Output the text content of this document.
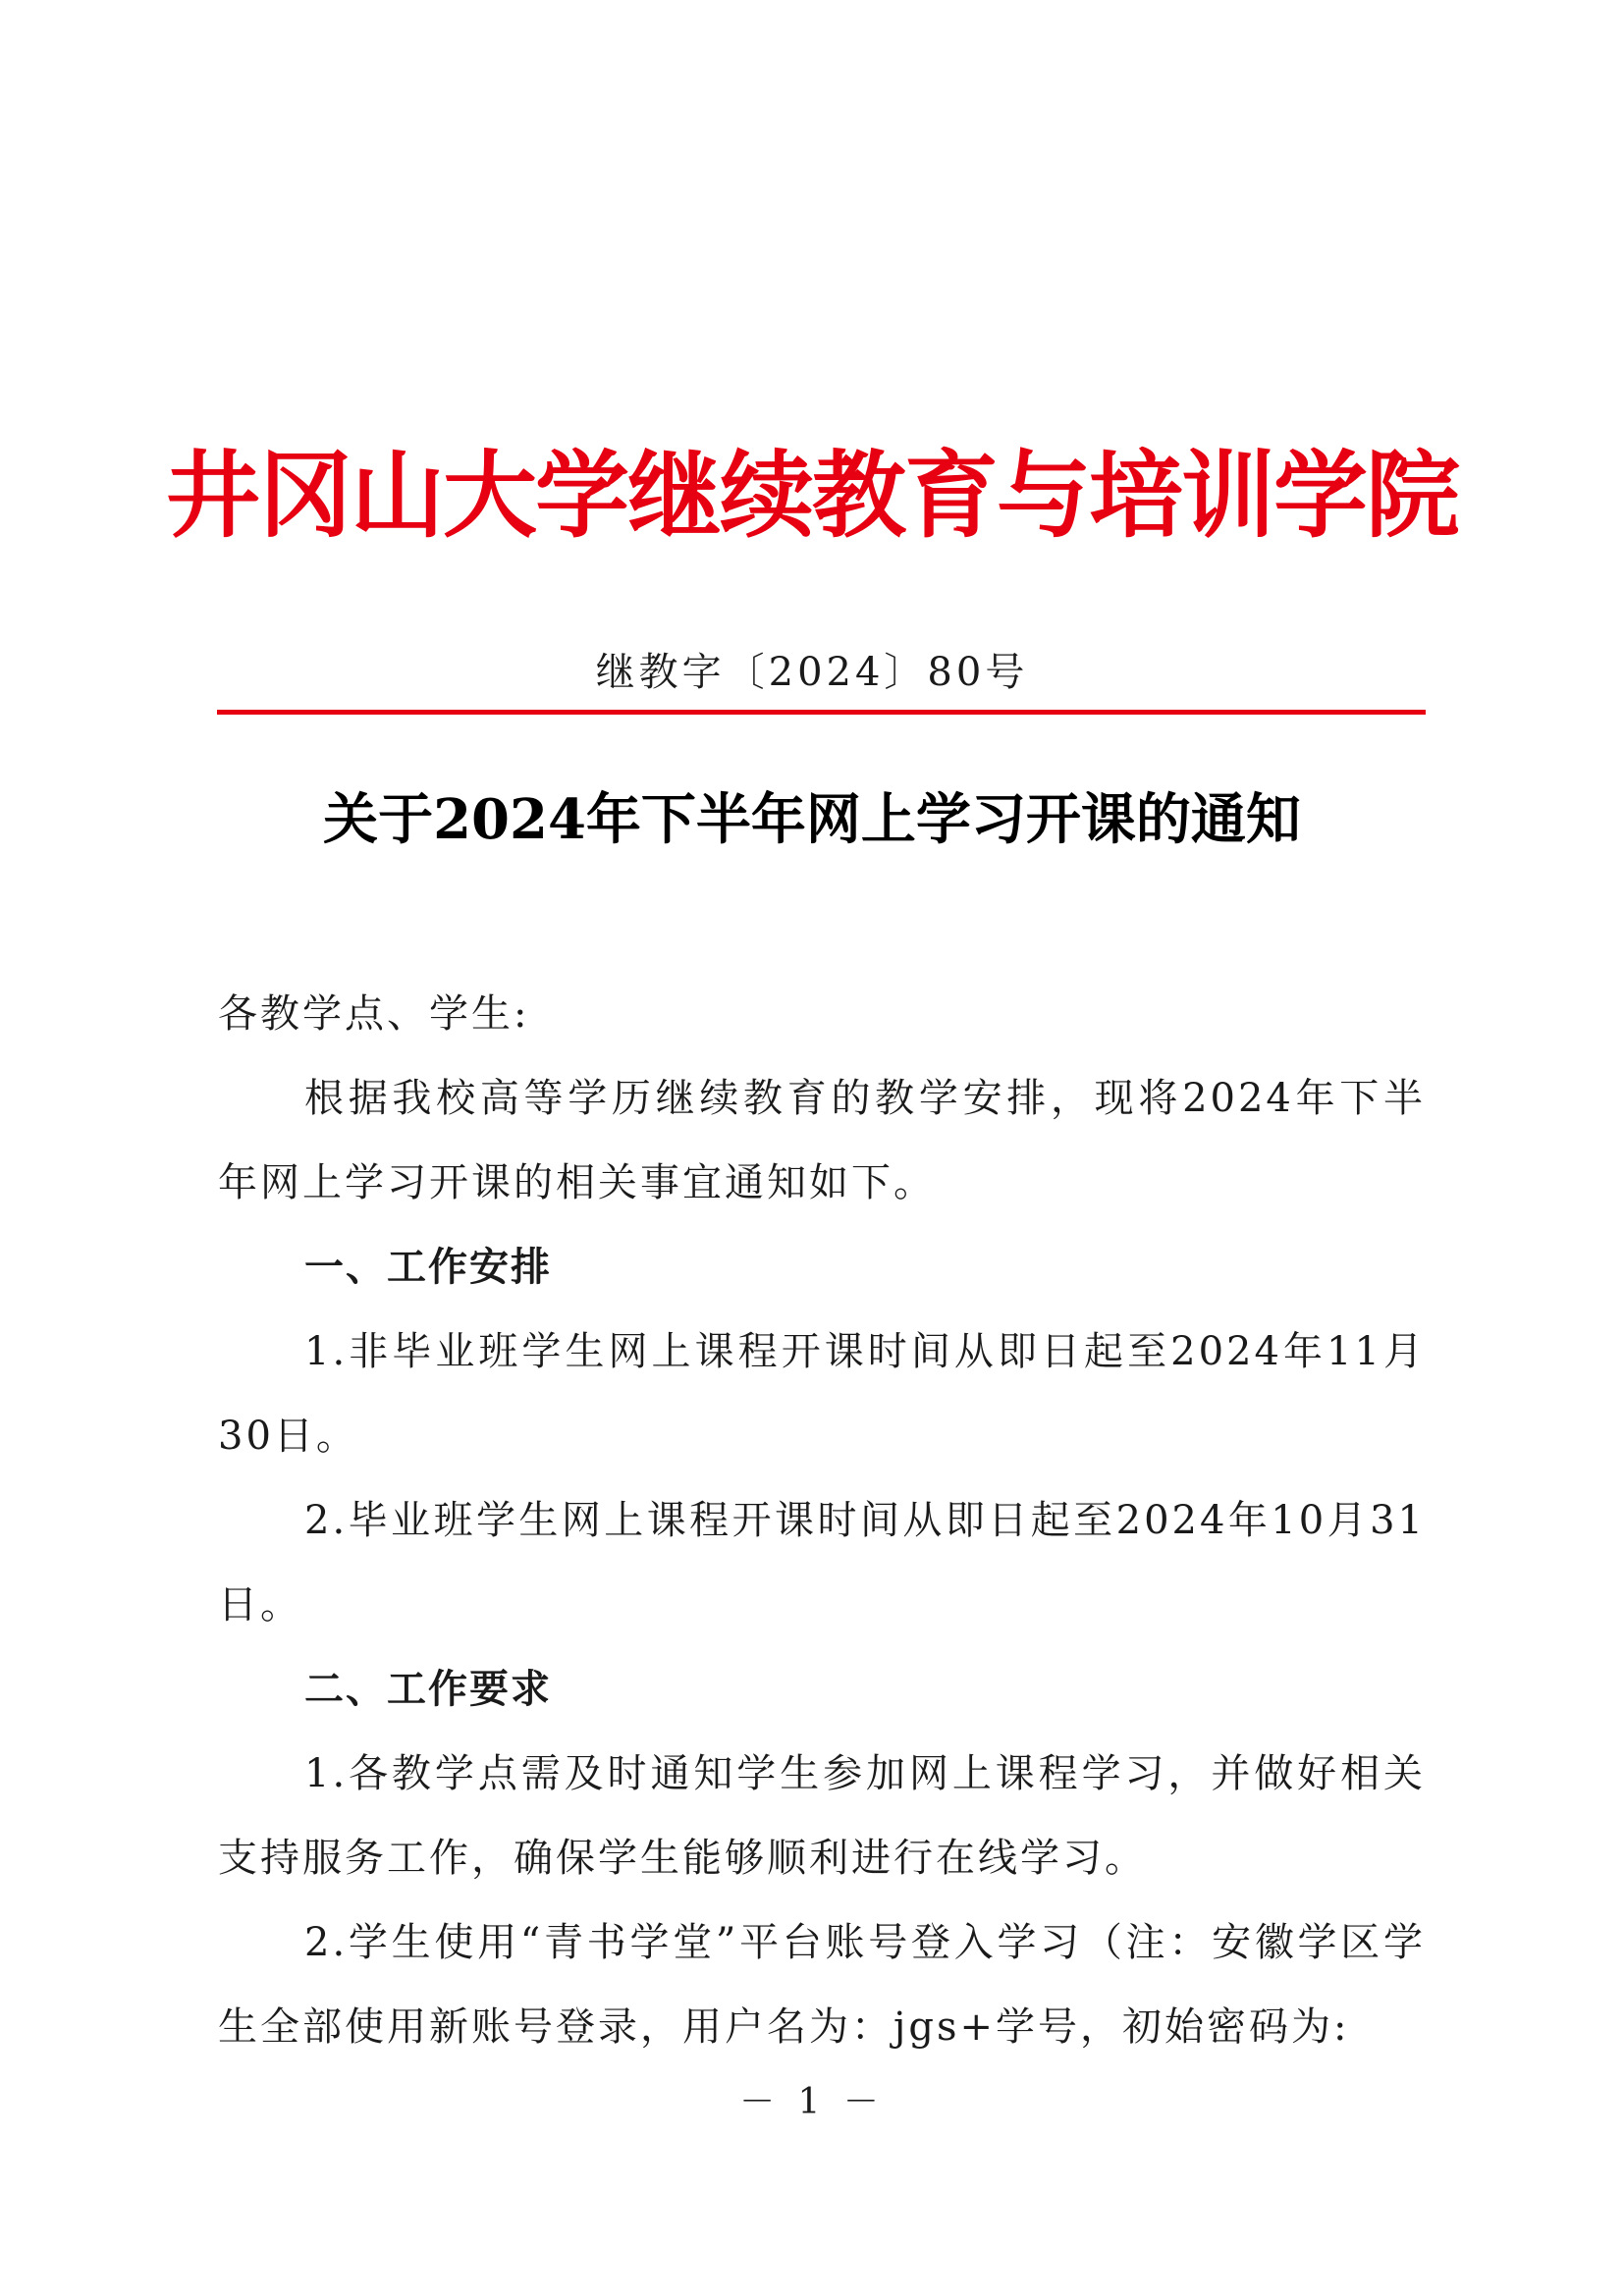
井冈山大学继续教育与培训学院
继教字〔2024〕80号
关于2024年下半年网上学习开课的通知
各教学点、学生:
根据我校高等学历继续教育的教学安排，现将2024年下半年网上学习开课的相关事宜通知如下。
一、工作安排
1.非毕业班学生网上课程开课时间从即日起至2024年11月30日。
2.毕业班学生网上课程开课时间从即日起至2024年10月31日。
二、工作要求
1.各教学点需及时通知学生参加网上课程学习，并做好相关支持服务工作，确保学生能够顺利进行在线学习。
2.学生使用“青书学堂”平台账号登入学习（注：安徽学区学生全部使用新账号登录，用户名为：jgs+学号，初始密码为:
－ 1 －
